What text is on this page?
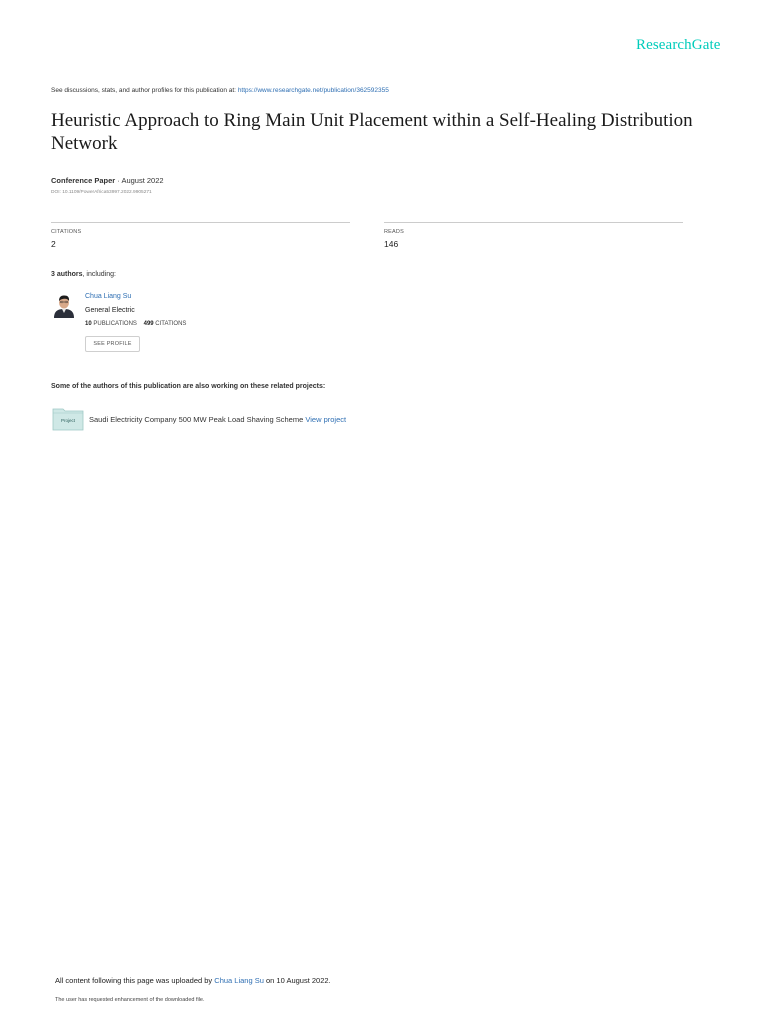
ResearchGate
See discussions, stats, and author profiles for this publication at: https://www.researchgate.net/publication/362592355
Heuristic Approach to Ring Main Unit Placement within a Self-Healing Distribution Network
Conference Paper · August 2022
DOI: 10.1109/PowerAfrica53997.2022.9905271
CITATIONS
2
READS
146
3 authors, including:
Chua Liang Su
General Electric
10 PUBLICATIONS 499 CITATIONS
SEE PROFILE
Some of the authors of this publication are also working on these related projects:
Project	Saudi Electricity Company 500 MW Peak Load Shaving Scheme View project
All content following this page was uploaded by Chua Liang Su on 10 August 2022.
The user has requested enhancement of the downloaded file.
